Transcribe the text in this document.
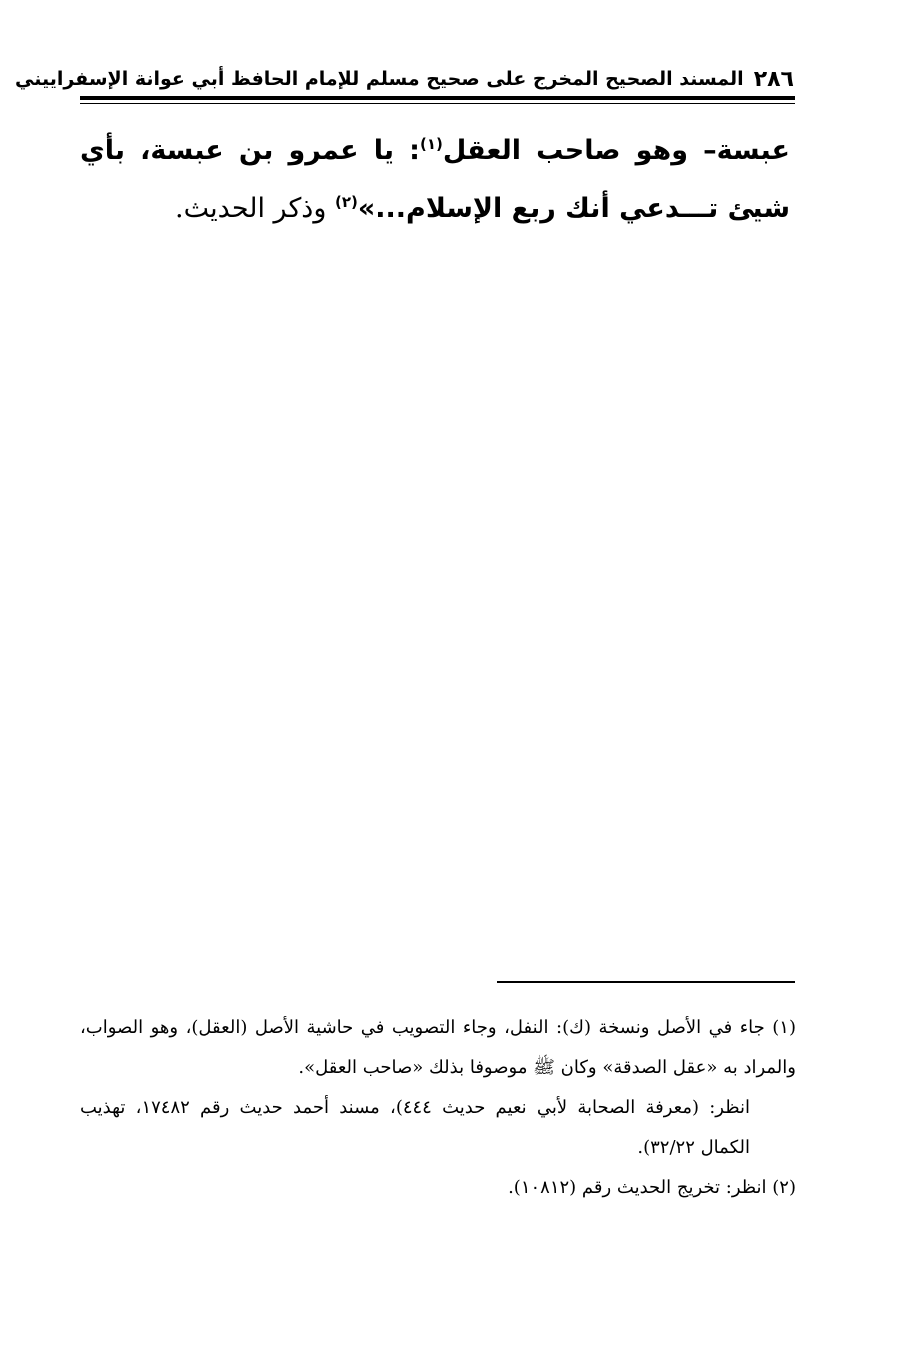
٢٨٦
المسند الصحيح المخرج على صحيح مسلم للإمام الحافظ أبي عوانة الإسفراييني
عبسة– وهو صاحب العقل$^{(١)}$: يا عمرو بن عبسة، بأي شيئ تـــدعي أنك ربع الإسلام...»$^{(٢)}$ وذكر الحديث.

(١) جاء في الأصل ونسخة (ك): النفل، وجاء التصويب في حاشية الأصل (العقل)، وهو الصواب، والمراد به «عقل الصدقة» وكان ﷺ موصوفا بذلك «صاحب العقل».

انظر: (معرفة الصحابة لأبي نعيم حديث ٤٤٤)، مسند أحمد حديث رقم ١٧٤٨٢، تهذيب الكمال ٣٢/٢٢).

(٢) انظر: تخريج الحديث رقم (١٠٨١٢).
